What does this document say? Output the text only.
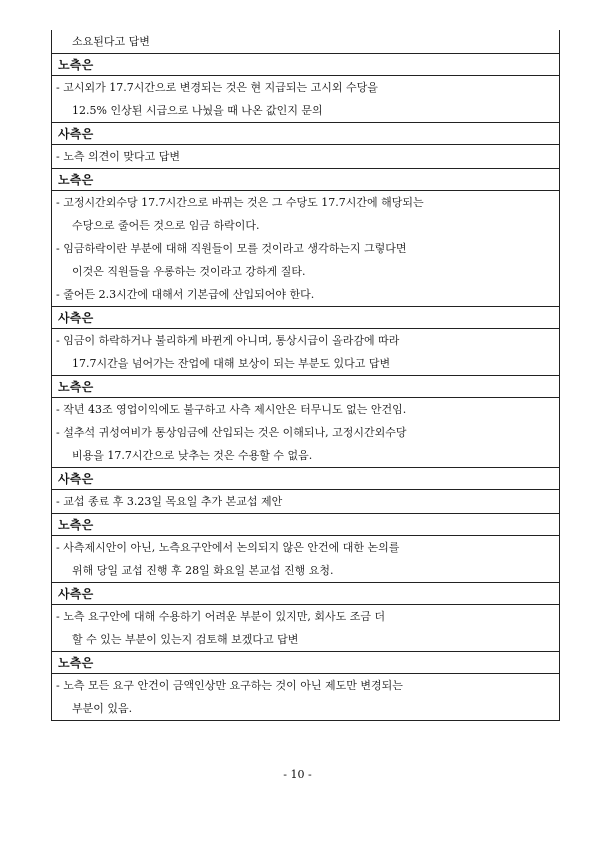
소요된다고 답변
노측은
- 고시외가 17.7시간으로 변경되는 것은 현 지급되는 고시외 수당을
12.5% 인상된 시급으로 나눴을 때 나온 값인지 문의
사측은
- 노측 의견이 맞다고 답변
노측은
- 고정시간외수당 17.7시간으로 바뀌는 것은 그 수당도 17.7시간에 해당되는
수당으로 줄어든 것으로 임금 하락이다.
- 임금하락이란 부분에 대해 직원들이 모를 것이라고 생각하는지 그렇다면
이것은 직원들을 우롱하는 것이라고 강하게 질타.
- 줄어든 2.3시간에 대해서 기본급에 산입되어야 한다.
사측은
- 임금이 하락하거나 불리하게 바뀐게 아니며, 통상시급이 올라감에 따라
17.7시간을 넘어가는 잔업에 대해 보상이 되는 부분도 있다고 답변
노측은
- 작년 43조 영업이익에도 불구하고 사측 제시안은 터무니도 없는 안건임.
- 설추석 귀성여비가 통상임금에 산입되는 것은 이해되나, 고정시간외수당
비용을 17.7시간으로 낮추는 것은 수용할 수 없음.
사측은
- 교섭 종료 후 3.23일 목요일 추가 본교섭 제안
노측은
- 사측제시안이 아닌, 노측요구안에서 논의되지 않은 안건에 대한 논의를
위해 당일 교섭 진행 후 28일 화요일 본교섭 진행 요청.
사측은
- 노측 요구안에 대해 수용하기 어려운 부분이 있지만, 회사도 조금 더
할 수 있는 부분이 있는지 검토해 보겠다고 답변
노측은
- 노측 모든 요구 안건이 금액인상만 요구하는 것이 아닌 제도만 변경되는
부분이 있음.
- 10 -
